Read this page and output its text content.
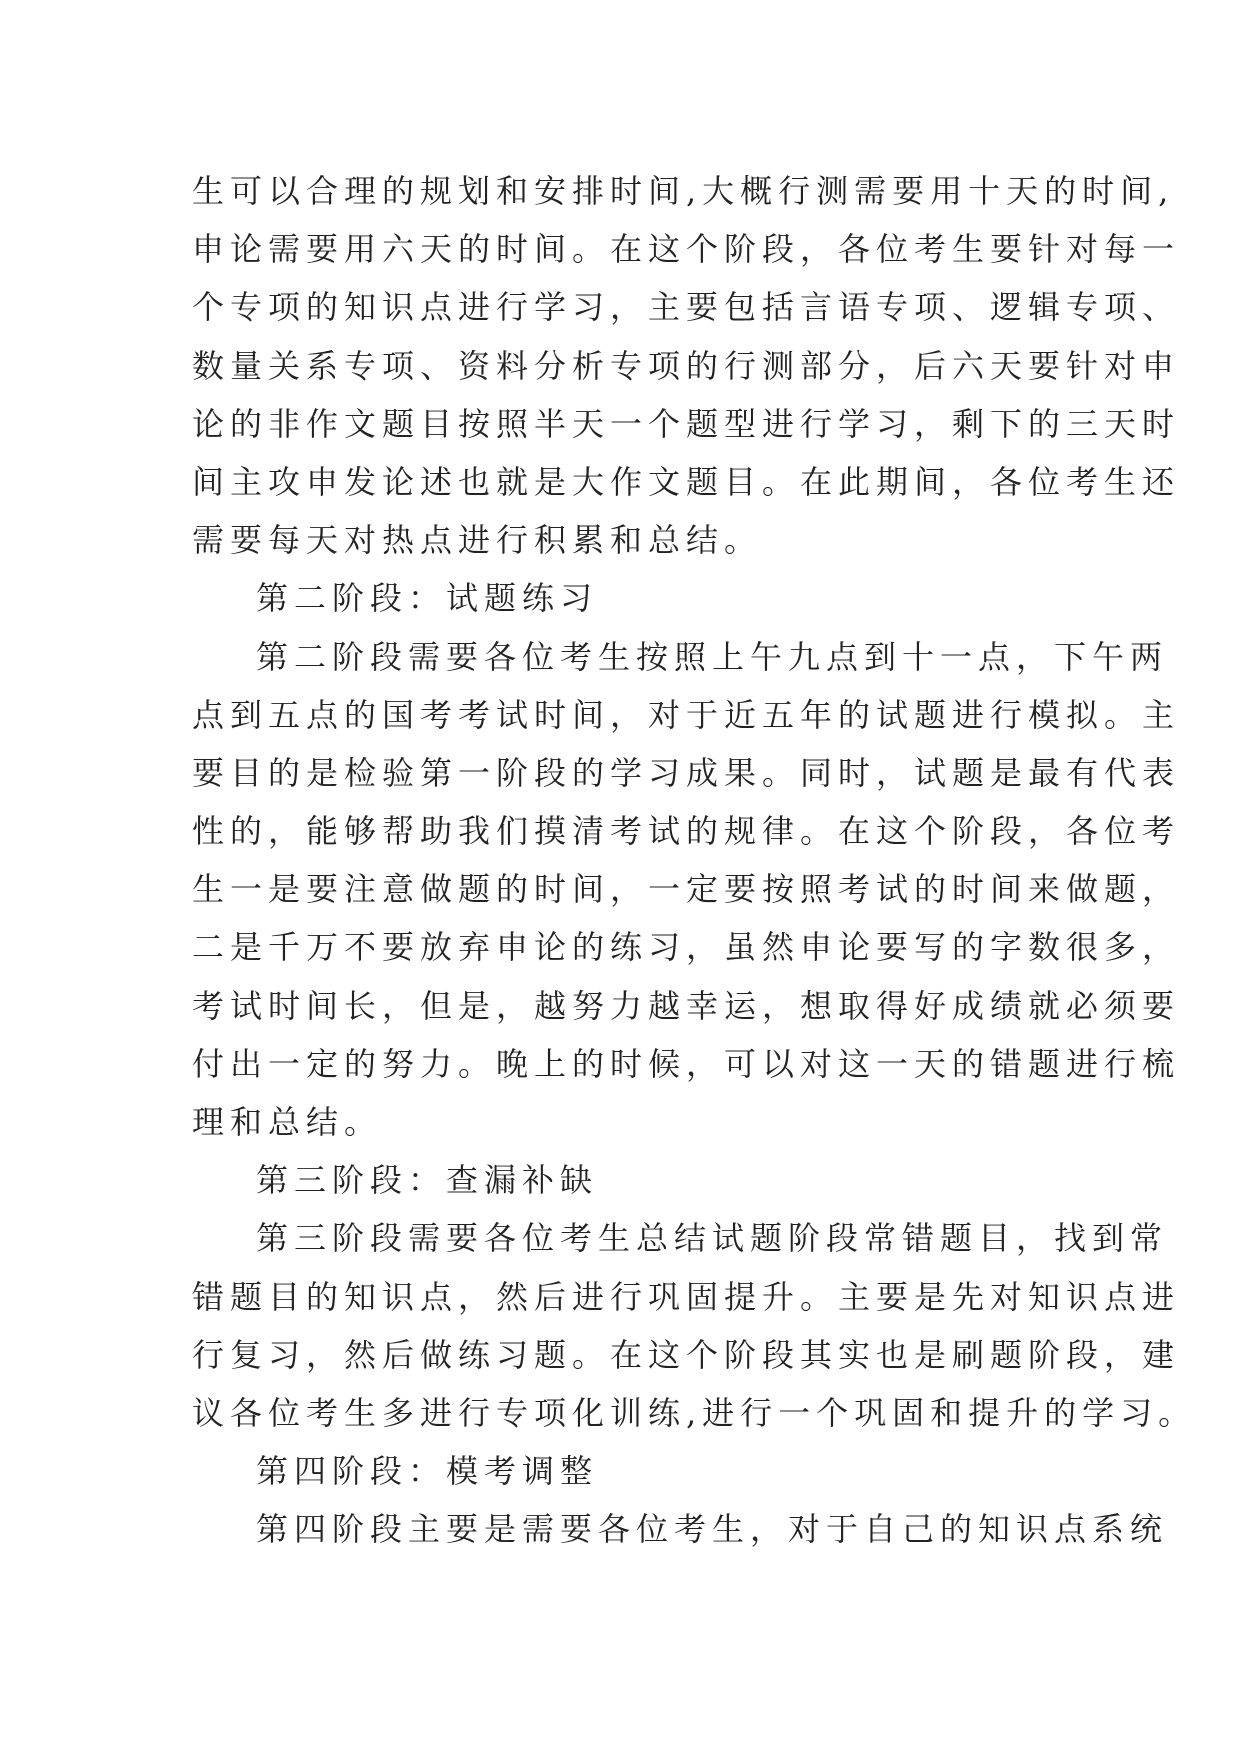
生可以合理的规划和安排时间,大概行测需要用十天的时间,
申论需要用六天的时间。在这个阶段，各位考生要针对每一
个专项的知识点进行学习，主要包括言语专项、逻辑专项、
数量关系专项、资料分析专项的行测部分，后六天要针对申
论的非作文题目按照半天一个题型进行学习，剩下的三天时
间主攻申发论述也就是大作文题目。在此期间，各位考生还
需要每天对热点进行积累和总结。
第二阶段：试题练习
第二阶段需要各位考生按照上午九点到十一点，下午两
点到五点的国考考试时间，对于近五年的试题进行模拟。主
要目的是检验第一阶段的学习成果。同时，试题是最有代表
性的，能够帮助我们摸清考试的规律。在这个阶段，各位考
生一是要注意做题的时间，一定要按照考试的时间来做题，
二是千万不要放弃申论的练习，虽然申论要写的字数很多，
考试时间长，但是，越努力越幸运，想取得好成绩就必须要
付出一定的努力。晚上的时候，可以对这一天的错题进行梳
理和总结。
第三阶段：查漏补缺
第三阶段需要各位考生总结试题阶段常错题目，找到常
错题目的知识点，然后进行巩固提升。主要是先对知识点进
行复习，然后做练习题。在这个阶段其实也是刷题阶段，建
议各位考生多进行专项化训练,进行一个巩固和提升的学习。
第四阶段：模考调整
第四阶段主要是需要各位考生，对于自己的知识点系统
